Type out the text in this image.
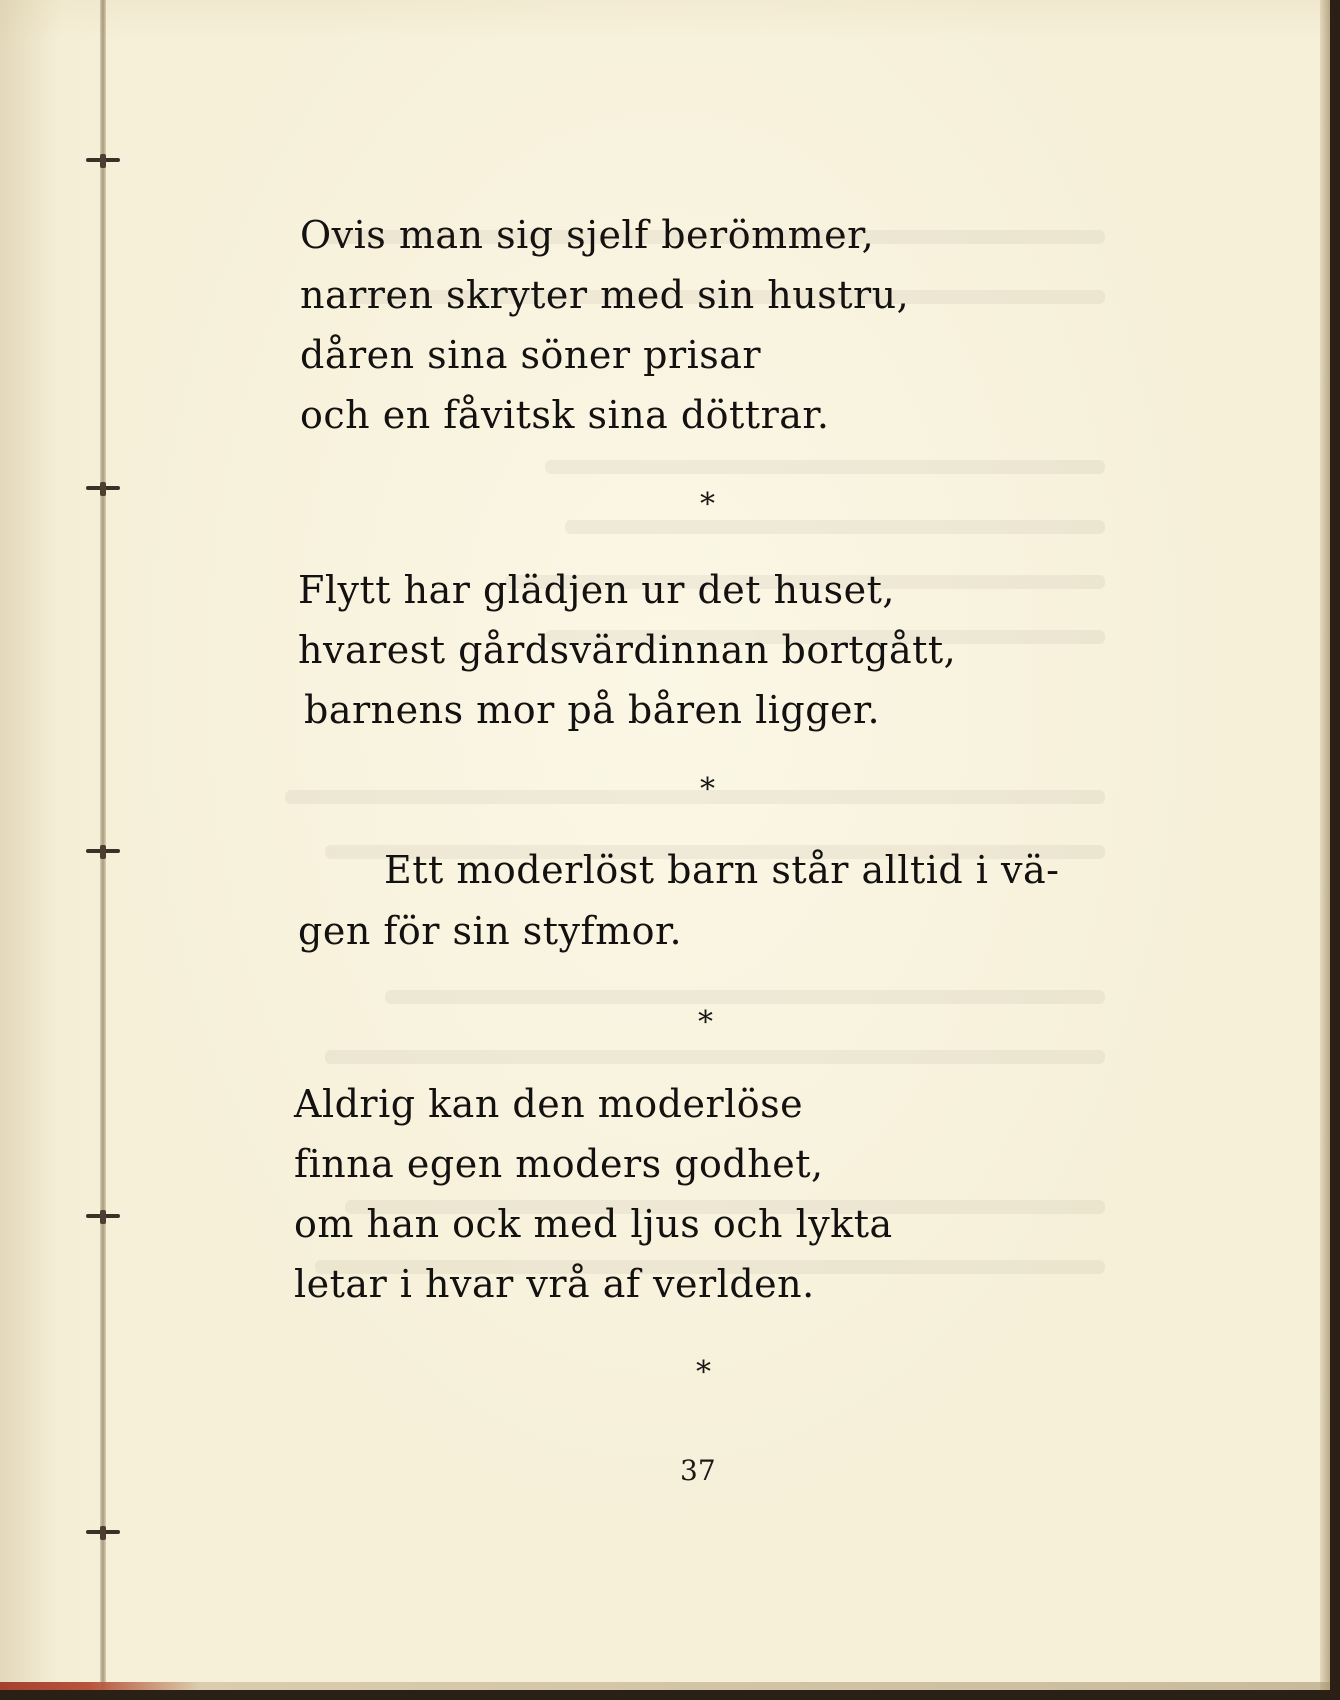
Ovis man sig sjelf berömmer,
narren skryter med sin hustru,
dåren sina söner prisar
och en fåvitsk sina döttrar.
*
Flytt har glädjen ur det huset,
hvarest gårdsvärdinnan bortgått,
barnens mor på båren ligger.
*
Ett moderlöst barn står alltid i vä-
gen för sin styfmor.
*
Aldrig kan den moderlöse
finna egen moders godhet,
om han ock med ljus och lykta
letar i hvar vrå af verlden.
*
37
